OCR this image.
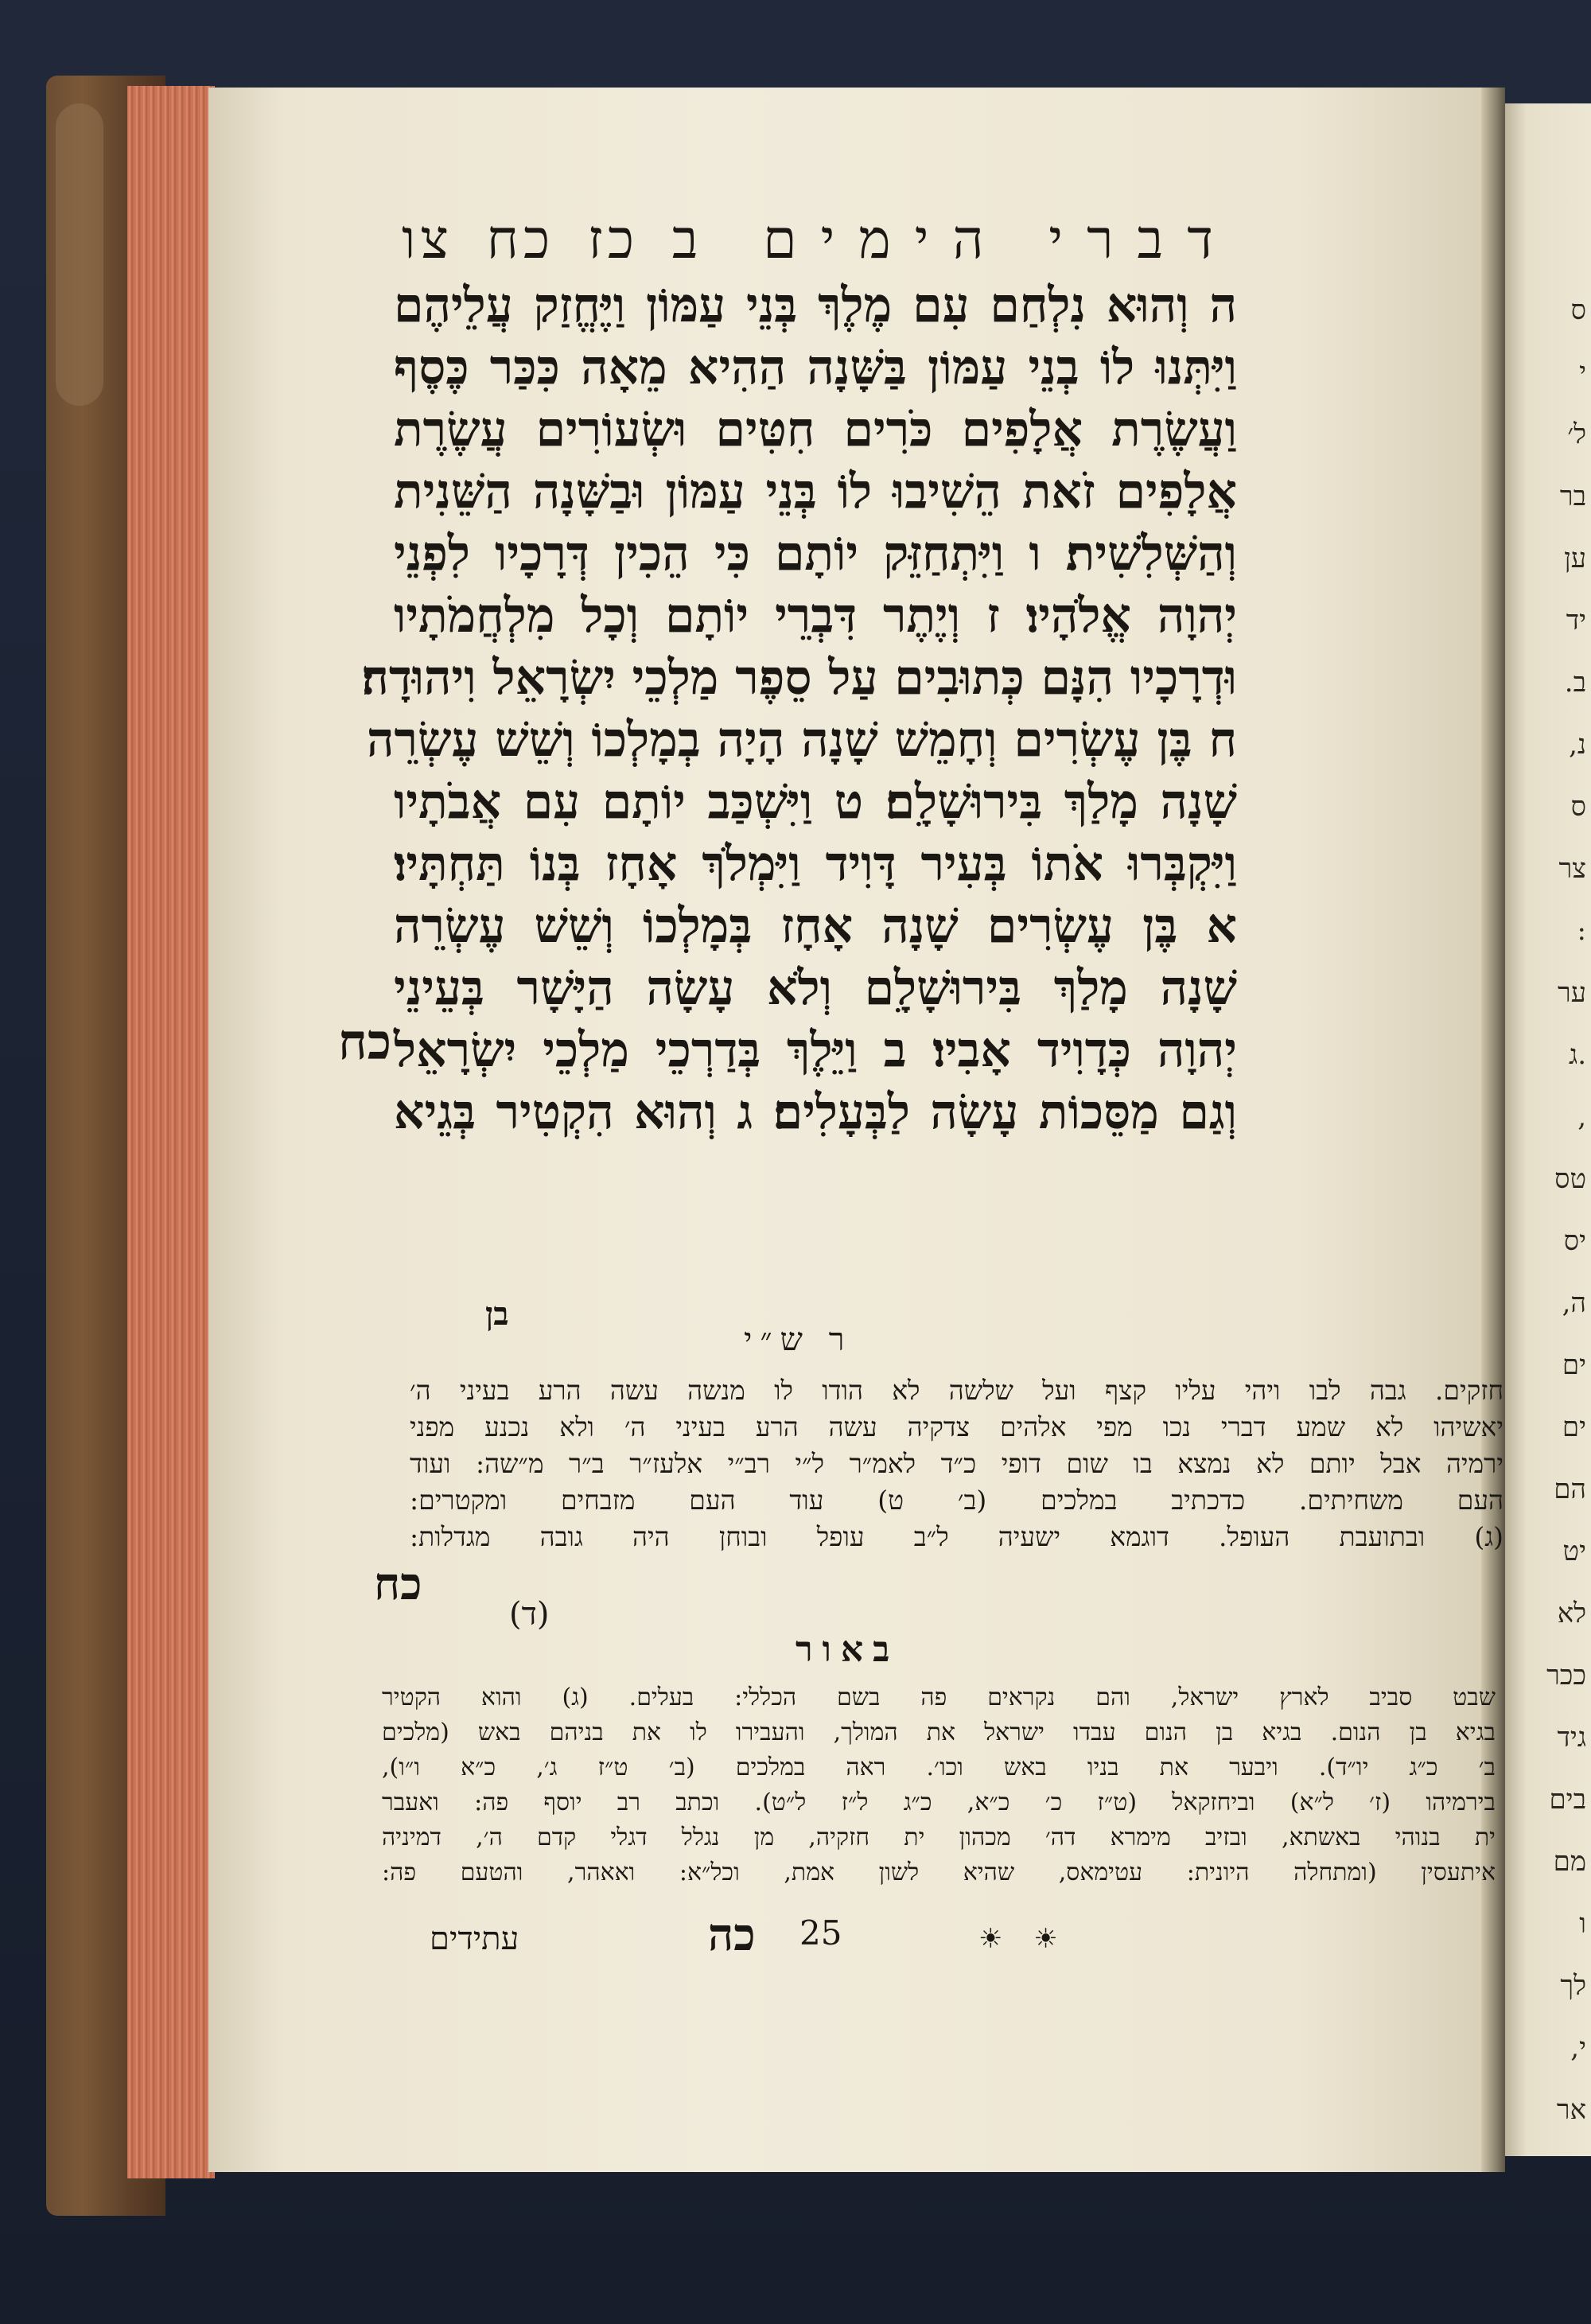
ס
י
ל׳
בר
ען
יד
ב.
נ,
ס
צר
:
ער
.ג
,
טס
יס
ה,
ים
ים
הם
יט
לא
ככר
גיד
בים
מם
ו
לך
י,
אר
דברי הימים ב
כז
כח
צו
ה וְהוּא נִלְחַם עִם מֶלֶךְ בְּנֵי עַמּוֹן וַיֶּחֱזַק עֲלֵיהֶם
וַיִּתְּנוּ לוֹ בְנֵי עַמּוֹן בַּשָּׁנָה הַהִיא מֵאָה כִּכַּר כֶּסֶף
וַעֲשֶׂרֶת אֲלָפִים כֹּרִים חִטִּים וּשְׂעוֹרִים עֲשֶׂרֶת
אֲלָפִים זֹאת הֵשִׁיבוּ לוֹ בְּנֵי עַמּוֹן וּבַשָּׁנָה הַשֵּׁנִית
וְהַשְּׁלִשִׁית׃ ו וַיִּתְחַזֵּק יוֹתָם כִּי הֵכִין דְּרָכָיו לִפְנֵי
יְהוָה אֱלֹהָיו׃ ז וְיֶתֶר דִּבְרֵי יוֹתָם וְכָל מִלְחֲמֹתָיו
וּדְרָכָיו הִנָּם כְּתוּבִים עַל סֵפֶר מַלְכֵי יִשְׂרָאֵל וִיהוּדָה׃
ח בֶּן עֶשְׂרִים וְחָמֵשׁ שָׁנָה הָיָה בְמָלְכוֹ וְשֵׁשׁ עֶשְׂרֵה
שָׁנָה מָלַךְ בִּירוּשָׁלִָם׃ ט וַיִּשְׁכַּב יוֹתָם עִם אֲבֹתָיו
וַיִּקְבְּרוּ אֹתוֹ בְּעִיר דָּוִיד וַיִּמְלֹךְ אָחָז בְּנוֹ תַּחְתָּיו׃
א בֶּן עֶשְׂרִים שָׁנָה אָחָז בְּמָלְכוֹ וְשֵׁשׁ עֶשְׂרֵה
שָׁנָה מָלַךְ בִּירוּשָׁלִָם וְלֹא עָשָׂה הַיָּשָׁר בְּעֵינֵי
יְהוָה כְּדָוִיד אָבִיו׃ ב וַיֵּלֶךְ בְּדַרְכֵי מַלְכֵי יִשְׂרָאֵל
וְגַם מַסֵּכוֹת עָשָׂה לַבְּעָלִים׃ ג וְהוּא הִקְטִיר בְּגֵיא
כח
בן
ר ש״י
חזקים. גבה לבו ויהי עליו קצף ועל שלשה לא הודו לו מנשה עשה הרע בעיני ה׳
יאשיהו לא שמע דברי נכו מפי אלהים צדקיה עשה הרע בעיני ה׳ ולא נכנע מפני
ירמיה אבל יותם לא נמצא בו שום דופי כ״ד לאמ״ר ל״י רב״י אלעז״ר ב״ר מ״שה: ועוד
העם משחיתים. כדכתיב במלכים (ב׳ ט) עוד העם מזבחים ומקטרים:
(ג) ובתועבת העופל. דוגמא ישעיה ל״ב עופל ובוחן היה גובה מגדלות:
כח
(ד)
באור
שבט סביב לארץ ישראל, והם נקראים פה בשם הכללי: בעלים. (ג) והוא הקטיר
בגיא בן הנום. בגיא בן הנום עבדו ישראל את המולך, והעבירו לו את בניהם באש (מלכים
ב׳ כ״ג יו״ד). ויבער את בניו באש וכו׳. ראה במלכים (ב׳ ט״ז ג׳, כ״א ו״ו),
בירמיהו (ז׳ ל״א) וביחזקאל (ט״ז כ׳ כ״א, כ״ג ל״ז ל״ט). וכתב רב יוסף פה: ואעבר
ית בנוהי באשתא, ובזיב מימרא דה׳ מכהון ית חזקיה, מן נגלל דגלי קדם ה׳, דמיניה
איתעסין (ומתחלה היונית: עטימאס, שהיא לשון אמת, וכל״א: ואאהר, והטעם פה:
עתידים	כה 25	☀ ☀
